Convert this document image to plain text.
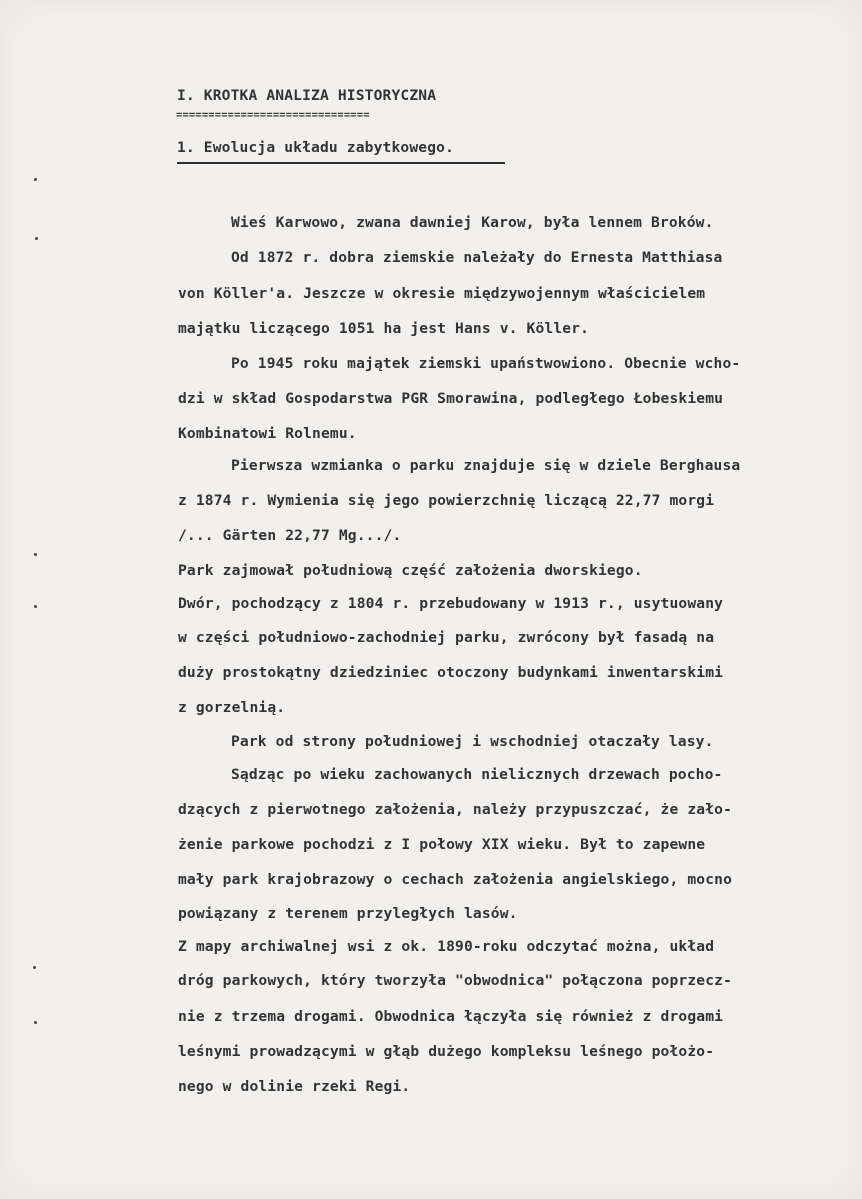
I. KROTKA ANALIZA HISTORYCZNA
==============================
1. Ewolucja układu zabytkowego.
Wieś Karwowo, zwana dawniej Karow, była lennem Broków.
Od 1872 r. dobra ziemskie należały do Ernesta Matthiasa
von Köller'a. Jeszcze w okresie międzywojennym właścicielem
majątku liczącego 1051 ha jest Hans v. Köller.
Po 1945 roku majątek ziemski upaństwowiono. Obecnie wcho-
dzi w skład Gospodarstwa PGR Smorawina, podległego Łobeskiemu
Kombinatowi Rolnemu.
Pierwsza wzmianka o parku znajduje się w dziele Berghausa
z 1874 r. Wymienia się jego powierzchnię liczącą 22,77 morgi
/... Gärten 22,77 Mg.../.
Park zajmował południową część założenia dworskiego.
Dwór, pochodzący z 1804 r. przebudowany w 1913 r., usytuowany
w części południowo-zachodniej parku, zwrócony był fasadą na
duży prostokątny dziedziniec otoczony budynkami inwentarskimi
z gorzelnią.
Park od strony południowej i wschodniej otaczały lasy.
Sądząc po wieku zachowanych nielicznych drzewach pocho-
dzących z pierwotnego założenia, należy przypuszczać, że zało-
żenie parkowe pochodzi z I połowy XIX wieku. Był to zapewne
mały park krajobrazowy o cechach założenia angielskiego, mocno
powiązany z terenem przyległych lasów.
Z mapy archiwalnej wsi z ok. 1890-roku odczytać można, układ
dróg parkowych, który tworzyła "obwodnica" połączona poprzecz-
nie z trzema drogami. Obwodnica łączyła się również z drogami
leśnymi prowadzącymi w głąb dużego kompleksu leśnego położo-
nego w dolinie rzeki Regi.
